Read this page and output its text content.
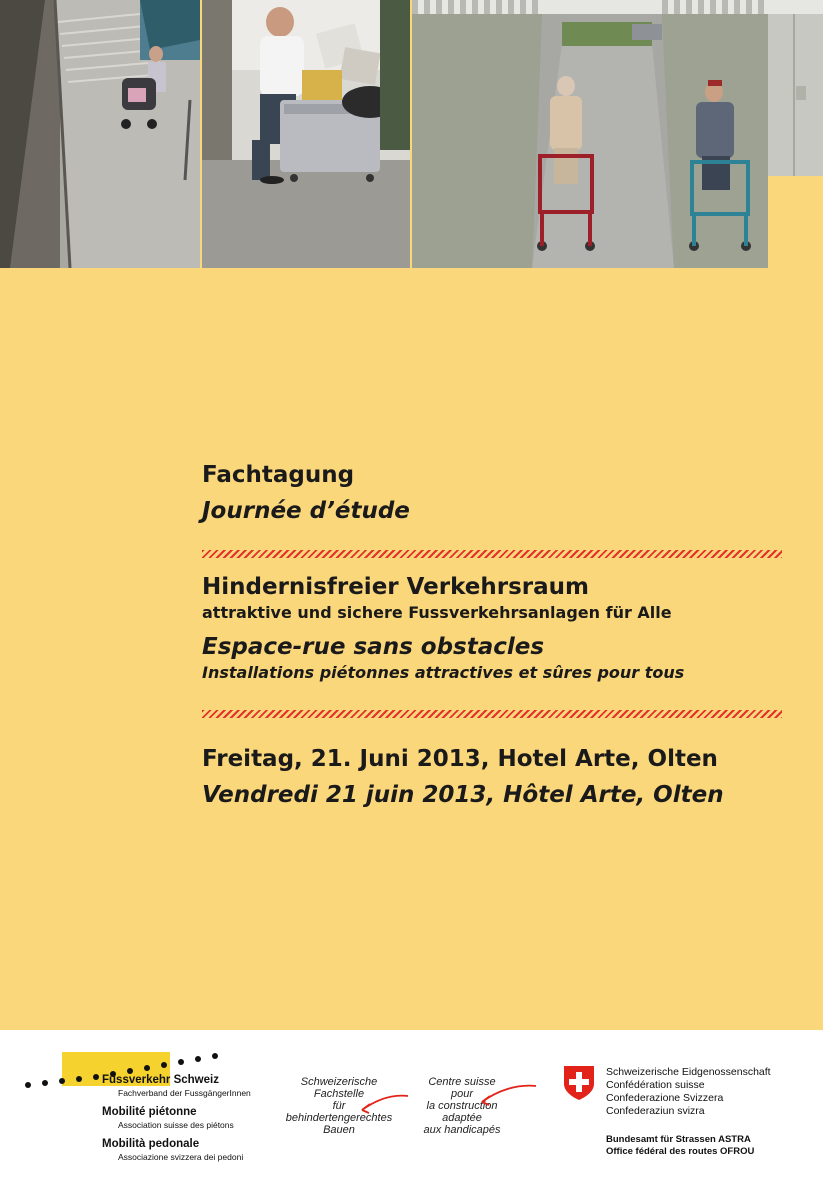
Fachtagung
Journée d’étude
Hindernisfreier Verkehrsraum
attraktive und sichere Fussverkehrsanlagen für Alle
Espace-rue sans obstacles
Installations piétonnes attractives et sûres pour tous
Freitag, 21. Juni 2013, Hotel Arte, Olten
Vendredi 21 juin 2013, Hôtel Arte, Olten
Fussverkehr Schweiz
Fachverband der FussgängerInnen
Mobilité piétonne
Association suisse des piétons
Mobilità pedonale
Associazione svizzera dei pedoni
Schweizerische
Fachstelle
für
behindertengerechtes
Bauen
Centre suisse
pour
la construction
adaptée
aux handicapés
Schweizerische Eidgenossenschaft
Confédération suisse
Confederazione Svizzera
Confederaziun svizra
Bundesamt für Strassen ASTRA
Office fédéral des routes OFROU
